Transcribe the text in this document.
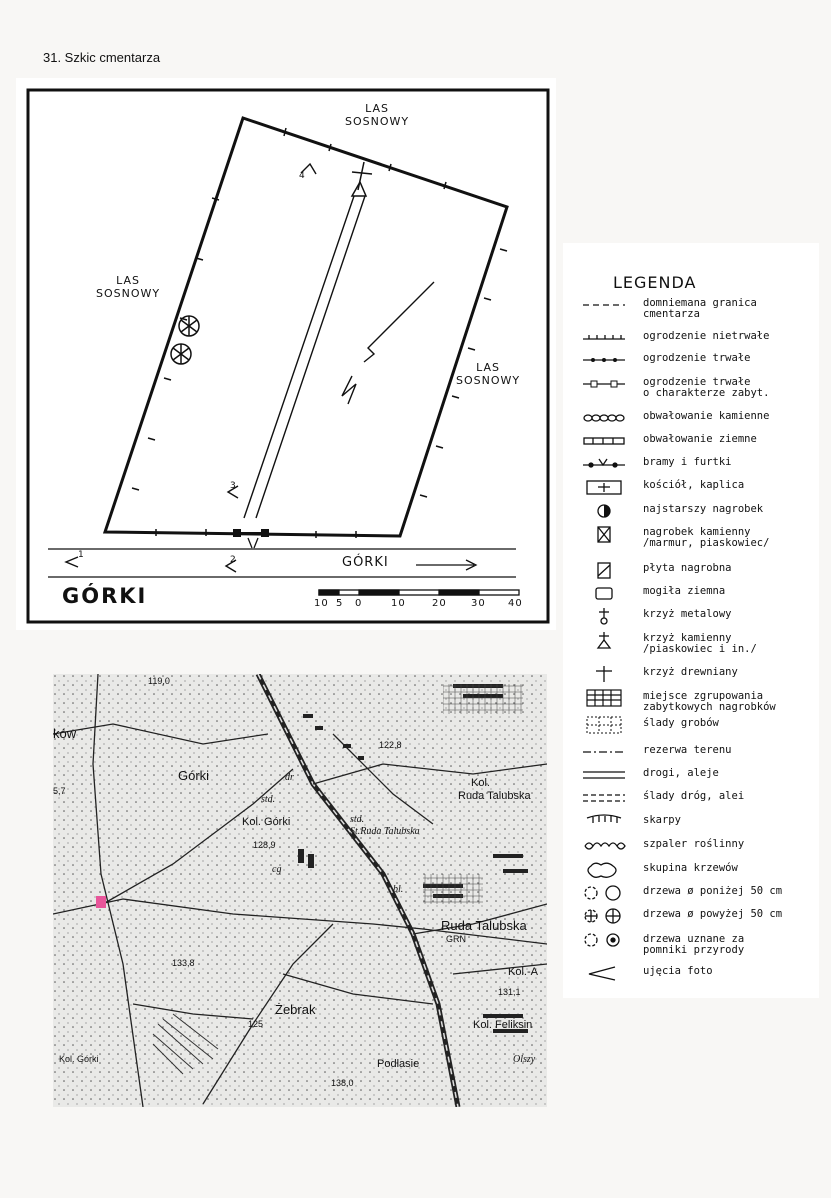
31. Szkic cmentarza
LAS
SOSNOWY
LAS
SOSNOWY
LAS
SOSNOWY
GÓRKI
GÓRKI
1	2
3
4
10 5 0	10	20 30 40
LEGENDA
domniemana granica
cmentarza
ogrodzenie nietrwałe
ogrodzenie trwałe
ogrodzenie trwałe
o charakterze zabyt.
obwałowanie kamienne
obwałowanie ziemne
bramy i furtki
kościół, kaplica
najstarszy nagrobek
nagrobek kamienny
/marmur, piaskowiec/
płyta nagrobna
mogiła ziemna
krzyż metalowy
krzyż kamienny
/piaskowiec i in./
krzyż drewniany
miejsce zgrupowania
zabytkowych nagrobków
ślady grobów
rezerwa terenu
drogi, aleje
ślady dróg, alei
skarpy
szpaler roślinny
skupina krzewów
drzewa ø poniżej 50 cm
drzewa ø powyżej 50 cm
drzewa uznane za
pomniki przyrody
ujęcia foto
119,0
ków
Górki
5,7
Kol. Górki
std.
dr
122,8
Kol.
Ruda Talubska
std.
St.Ruda Talubska
128,9
cg
bl.
Ruda Talubska
GRN
133,8
131,1
Kol.-A
Żebrak
Kol. Feliksin
Podlasie	Olszy
138,0
Kol. Górki
125
